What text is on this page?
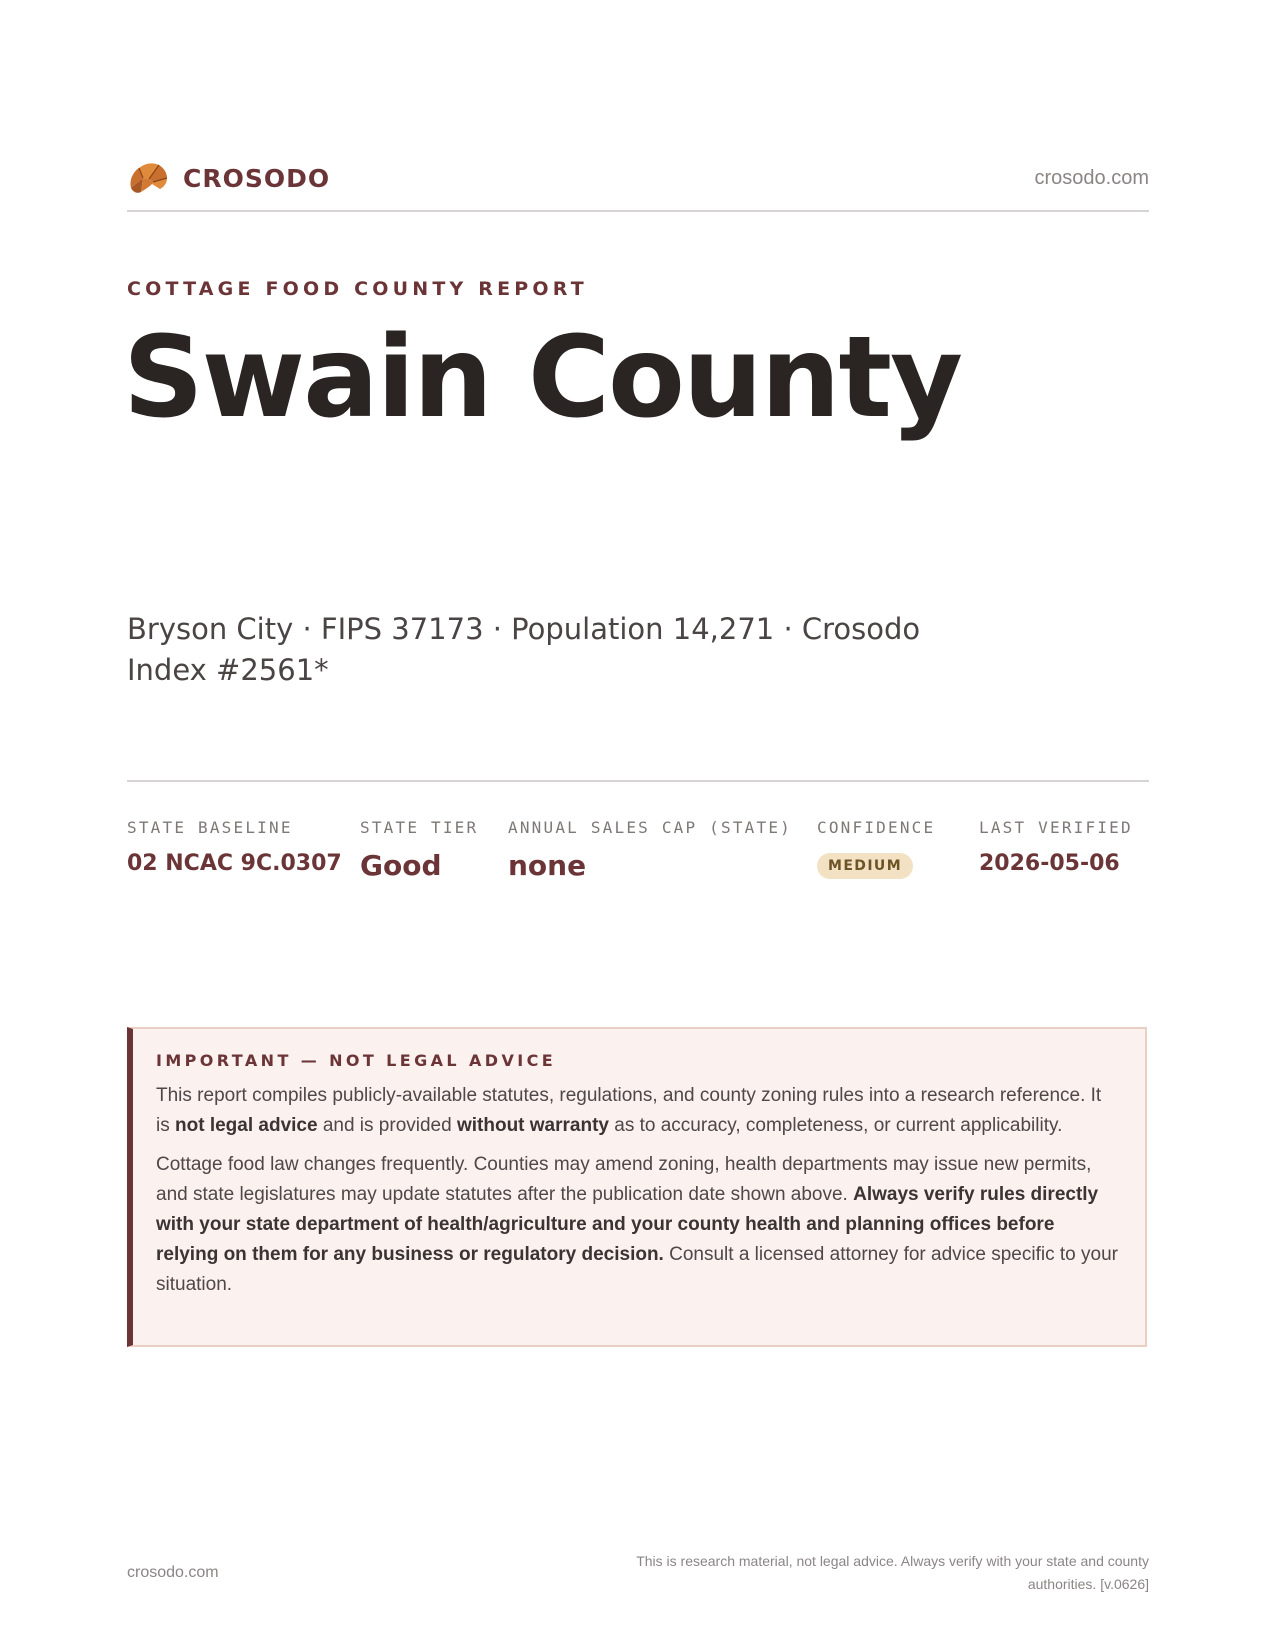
CROSODO	crosodo.com
COTTAGE FOOD COUNTY REPORT
Swain County
Bryson City · FIPS 37173 · Population 14,271 · Crosodo Index #2561*
STATE BASELINE
02 NCAC 9C.0307
STATE TIER
Good
ANNUAL SALES CAP (STATE)
none
CONFIDENCE
MEDIUM
LAST VERIFIED
2026-05-06
IMPORTANT — NOT LEGAL ADVICE

This report compiles publicly-available statutes, regulations, and county zoning rules into a research reference. It is not legal advice and is provided without warranty as to accuracy, completeness, or current applicability.

Cottage food law changes frequently. Counties may amend zoning, health departments may issue new permits, and state legislatures may update statutes after the publication date shown above. Always verify rules directly with your state department of health/agriculture and your county health and planning offices before relying on them for any business or regulatory decision. Consult a licensed attorney for advice specific to your situation.

crosodo.com
This is research material, not legal advice. Always verify with your state and county authorities. [v.0626]
